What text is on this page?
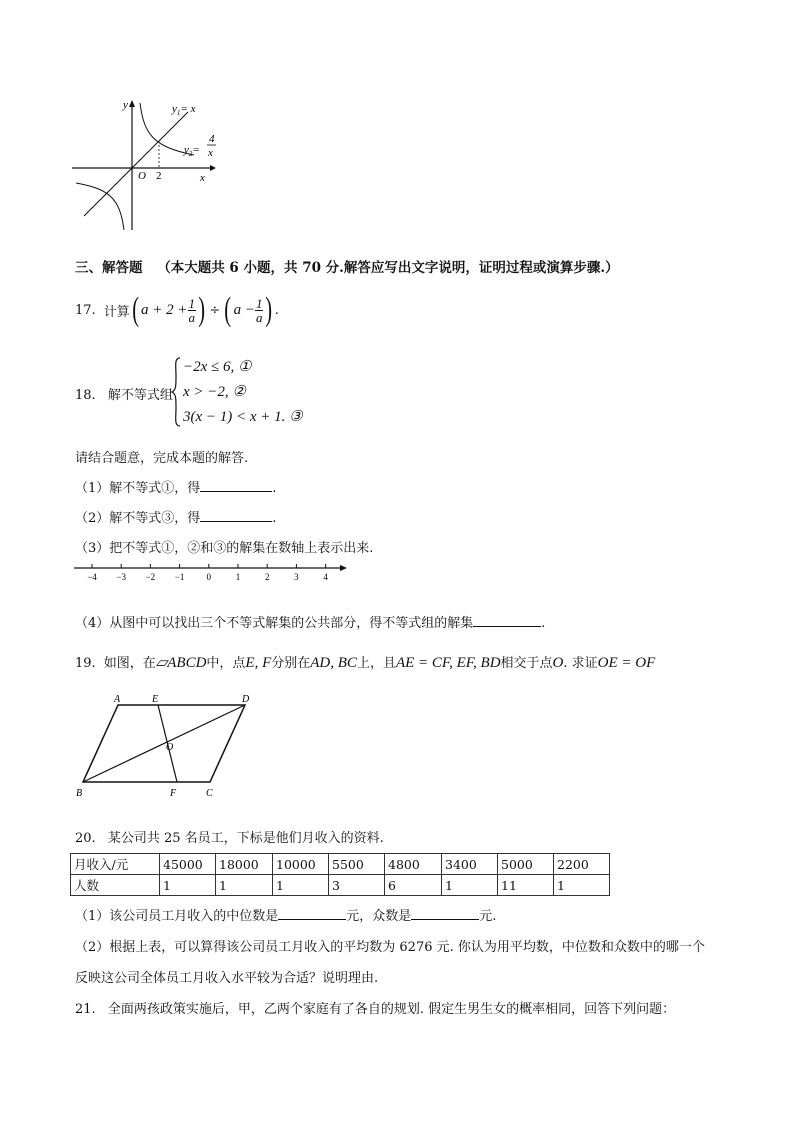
y
x
O 2
$y_1= x$
$y_2=$
4
x
三、解答题 （本大题共 6 小题，共 70 分.解答应写出文字说明，证明过程或演算步骤.）
17. 计算 ( $a + 2 + \frac{1}{a}$ ) ÷ ( $a - \frac{1}{a}$ ) .
18. 解不等式组
−2x ≤ 6, ①
x > −2, ②
3(x − 1) < x + 1. ③
请结合题意，完成本题的解答.
（1）解不等式①，得	.
（2）解不等式③，得	.
（3）把不等式①，②和③的解集在数轴上表示出来.
−4 −3 −2 −1 0	1	2	3	4
（4）从图中可以找出三个不等式解集的公共部分，得不等式组的解集	.
19. 如图，在 ▱ABCD 中，点 E, F 分别在 AD, BC 上，且 AE = CF, EF, BD 相交于点 O . 求证 OE = OF
A	E	D
O
B	F	C
20. 某公司共 25 名员工，下标是他们月收入的资料.
月收入/元	45000	18000	10000	5500	4800	3400	5000	2200
人数	1	1	1	3	6	1	11	1
（1）该公司员工月收入的中位数是	元，众数是	元.
（2）根据上表，可以算得该公司员工月收入的平均数为 6276 元. 你认为用平均数，中位数和众数中的哪一个
反映这公司全体员工月收入水平较为合适？说明理由.
21. 全面两孩政策实施后，甲，乙两个家庭有了各自的规划. 假定生男生女的概率相同，回答下列问题：
